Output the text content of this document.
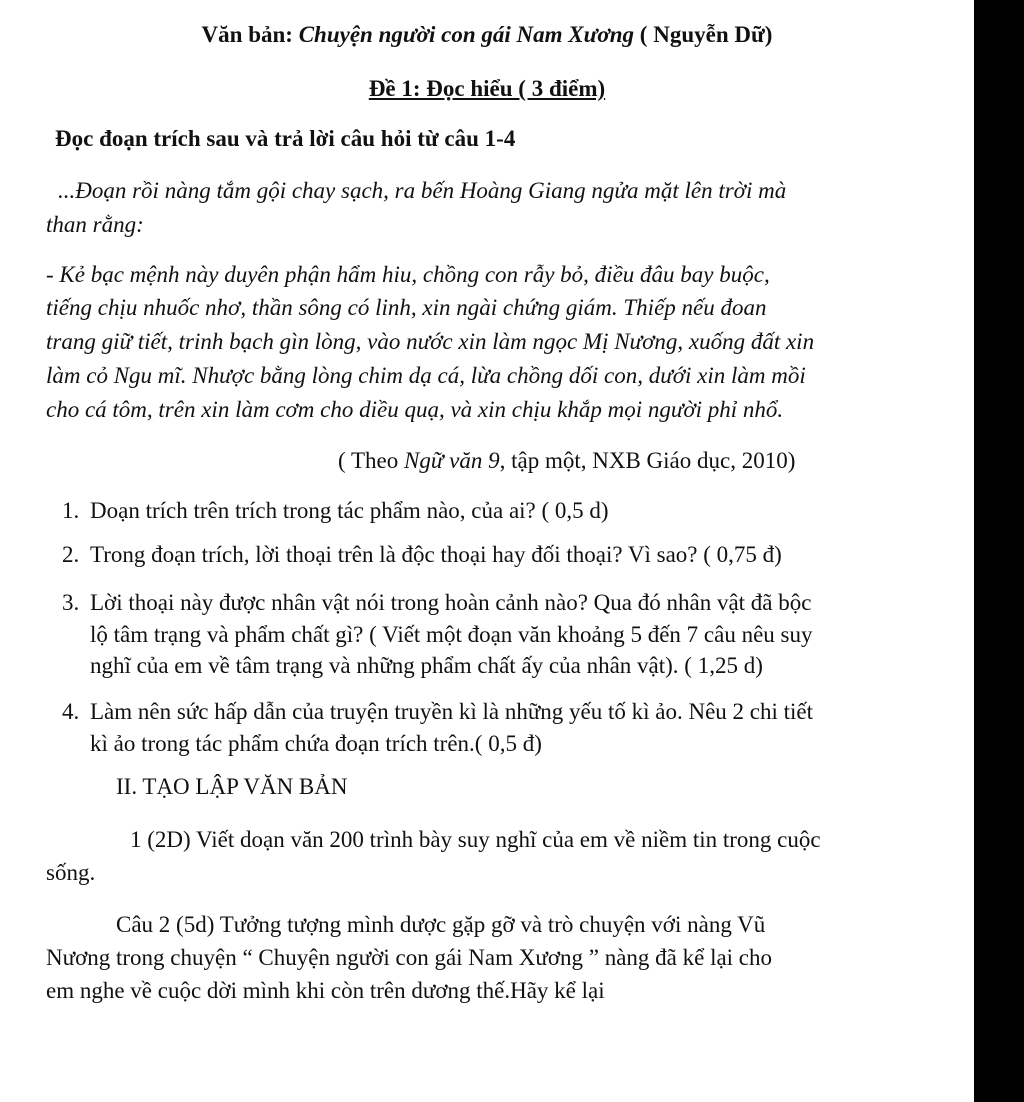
Văn bản: Chuyện người con gái Nam Xương ( Nguyễn Dữ)
Đề 1: Đọc hiểu ( 3 điểm)
Đọc đoạn trích sau và trả lời câu hỏi từ câu 1-4
...Đoạn rồi nàng tắm gội chay sạch, ra bến Hoàng Giang ngửa mặt lên trời mà
than rằng:
- Kẻ bạc mệnh này duyên phận hẩm hiu, chồng con rẫy bỏ, điều đâu bay buộc,
tiếng chịu nhuốc nhơ, thần sông có linh, xin ngài chứng giám. Thiếp nếu đoan
trang giữ tiết, trinh bạch gìn lòng, vào nước xin làm ngọc Mị Nương, xuống đất xin
làm cỏ Ngu mĩ. Nhược bằng lòng chim dạ cá, lừa chồng dối con, dưới xin làm mồi
cho cá tôm, trên xin làm cơm cho diều quạ, và xin chịu khắp mọi người phỉ nhổ.
( Theo Ngữ văn 9, tập một, NXB Giáo dục, 2010)
1. Doạn trích trên trích trong tác phẩm nào, của ai? ( 0,5 d)
2. Trong đoạn trích, lời thoại trên là độc thoại hay đối thoại? Vì sao? ( 0,75 đ)
3. Lời thoại này được nhân vật nói trong hoàn cảnh nào? Qua đó nhân vật đã bộc
lộ tâm trạng và phẩm chất gì? ( Viết một đoạn văn khoảng 5 đến 7 câu nêu suy
nghĩ của em về tâm trạng và những phẩm chất ấy của nhân vật). ( 1,25 d)
4. Làm nên sức hấp dẫn của truyện truyền kì là những yếu tố kì ảo. Nêu 2 chi tiết
kì ảo trong tác phẩm chứa đoạn trích trên.( 0,5 đ)
II. TẠO LẬP VĂN BẢN
1 (2D) Viết doạn văn 200 trình bày suy nghĩ của em về niềm tin trong cuộc
sống.
Câu 2 (5d) Tưởng tượng mình dược gặp gỡ và trò chuyện với nàng Vũ
Nương trong chuyện “ Chuyện người con gái Nam Xương ” nàng đã kể lại cho
em nghe về cuộc dời mình khi còn trên dương thế.Hãy kể lại
